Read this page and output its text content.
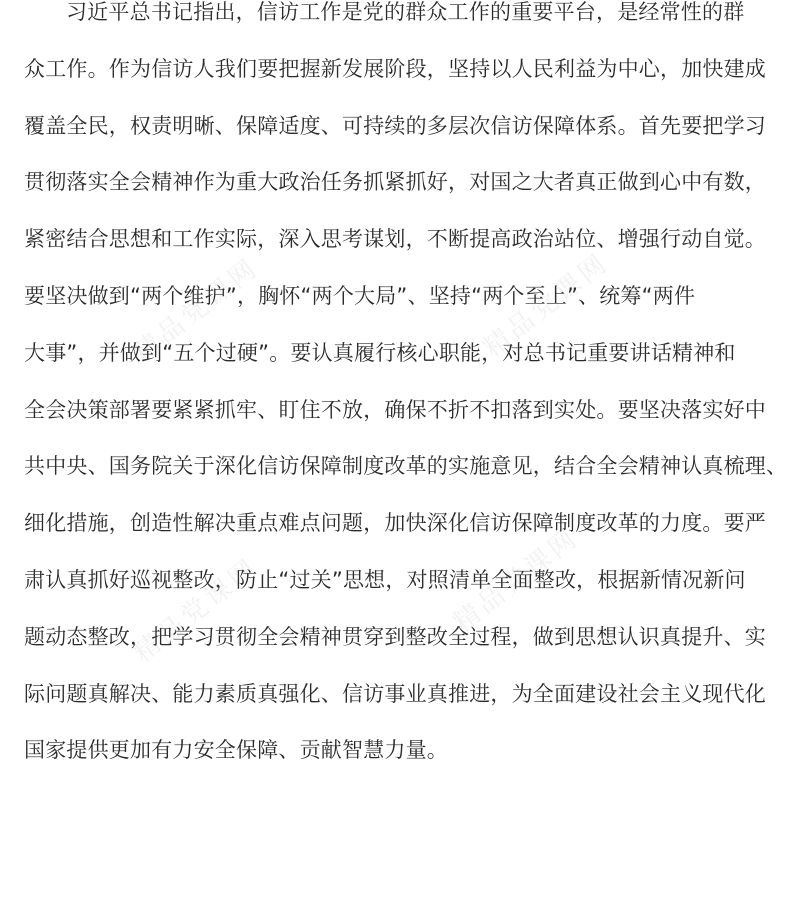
习近平总书记指出，信访工作是党的群众工作的重要平台，是经常性的群
众工作。作为信访人我们要把握新发展阶段，坚持以人民利益为中心，加快建成
覆盖全民，权责明晰、保障适度、可持续的多层次信访保障体系。首先要把学习
贯彻落实全会精神作为重大政治任务抓紧抓好，对国之大者真正做到心中有数，
紧密结合思想和工作实际，深入思考谋划，不断提高政治站位、增强行动自觉。
要坚决做到“两个维护”，胸怀“两个大局”、坚持“两个至上”、统筹“两件
大事”，并做到“五个过硬”。要认真履行核心职能，对总书记重要讲话精神和
全会决策部署要紧紧抓牢、盯住不放，确保不折不扣落到实处。要坚决落实好中
共中央、国务院关于深化信访保障制度改革的实施意见，结合全会精神认真梳理、
细化措施，创造性解决重点难点问题，加快深化信访保障制度改革的力度。要严
肃认真抓好巡视整改，防止“过关”思想，对照清单全面整改，根据新情况新问
题动态整改，把学习贯彻全会精神贯穿到整改全过程，做到思想认识真提升、实
际问题真解决、能力素质真强化、信访事业真推进，为全面建设社会主义现代化
国家提供更加有力安全保障、贡献智慧力量。
精品党课网	精品党课网
精品党课网	精品党课网
